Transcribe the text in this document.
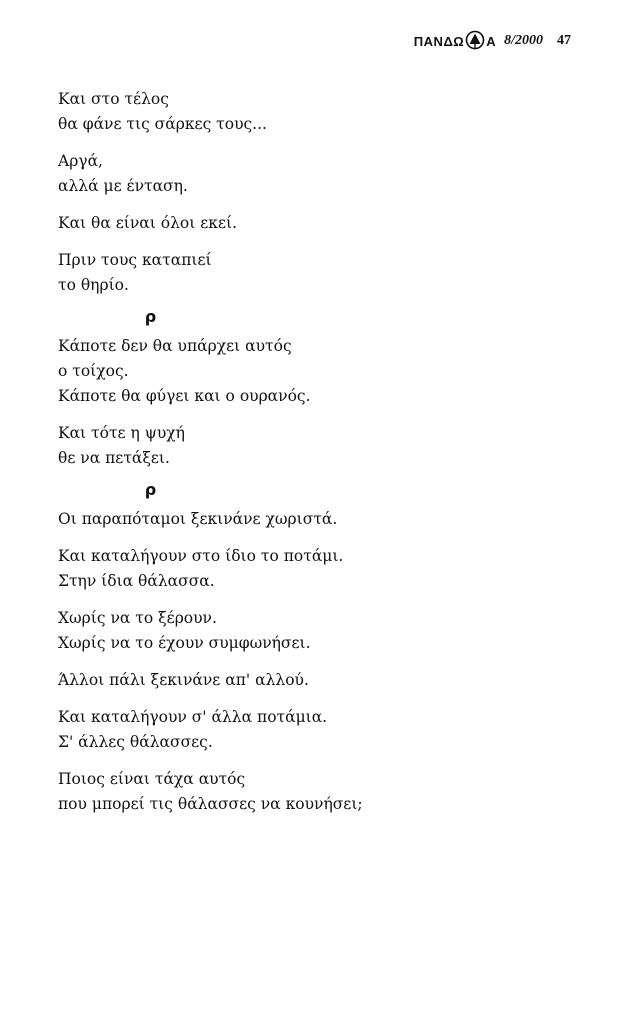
ΠΑΝΔΩ Α 8/2000 47
Και στο τέλος
θα φάνε τις σάρκες τους...
Αργά,
αλλά με ένταση.
Και θα είναι όλοι εκεί.
Πριν τους καταπιεί
το θηρίο.
ρ
Κάποτε δεν θα υπάρχει αυτός
ο τοίχος.
Κάποτε θα φύγει και ο ουρανός.
Και τότε η ψυχή
θε να πετάξει.
ρ
Οι παραπόταμοι ξεκινάνε χωριστά.
Και καταλήγουν στο ίδιο το ποτάμι.
Στην ίδια θάλασσα.
Χωρίς να το ξέρουν.
Χωρίς να το έχουν συμφωνήσει.
Άλλοι πάλι ξεκινάνε απ' αλλού.
Και καταλήγουν σ' άλλα ποτάμια.
Σ' άλλες θάλασσες.
Ποιος είναι τάχα αυτός
που μπορεί τις θάλασσες να κουνήσει;
